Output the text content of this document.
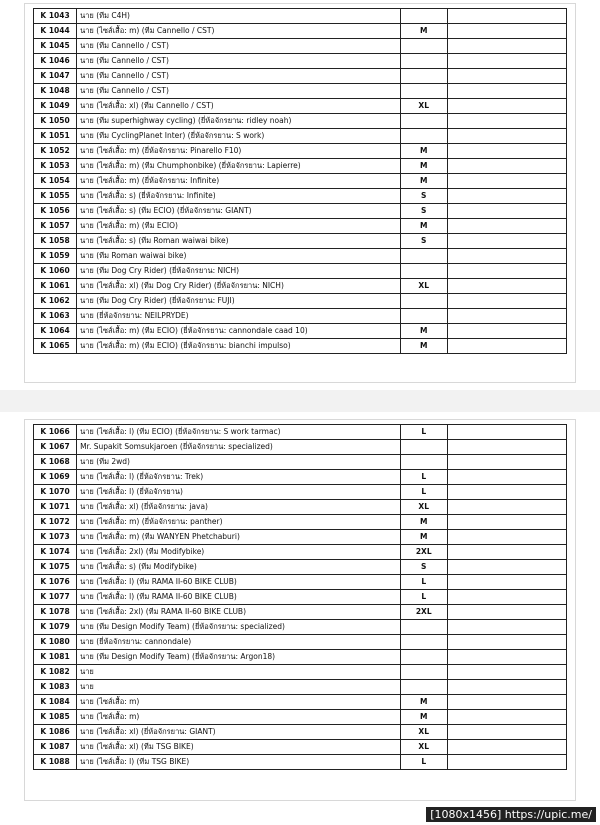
K 1043	นาย (ทีม C4H)		
K 1044	นาย (ไซส์เสื้อ: m) (ทีม Cannello / CST)	M	
K 1045	นาย (ทีม Cannello / CST)		
K 1046	นาย (ทีม Cannello / CST)		
K 1047	นาย (ทีม Cannello / CST)		
K 1048	นาย (ทีม Cannello / CST)		
K 1049	นาย (ไซส์เสื้อ: xl) (ทีม Cannello / CST)	XL	
K 1050	นาย (ทีม superhighway cycling) (ยี่ห้อจักรยาน: ridley noah)		
K 1051	นาย (ทีม CyclingPlanet Inter) (ยี่ห้อจักรยาน: S work)		
K 1052	นาย (ไซส์เสื้อ: m) (ยี่ห้อจักรยาน: Pinarello F10)	M	
K 1053	นาย (ไซส์เสื้อ: m) (ทีม Chumphonbike) (ยี่ห้อจักรยาน: Lapierre)	M	
K 1054	นาย (ไซส์เสื้อ: m) (ยี่ห้อจักรยาน: Infinite)	M	
K 1055	นาย (ไซส์เสื้อ: s) (ยี่ห้อจักรยาน: Infinite)	S	
K 1056	นาย (ไซส์เสื้อ: s) (ทีม ECIO) (ยี่ห้อจักรยาน: GIANT)	S	
K 1057	นาย (ไซส์เสื้อ: m) (ทีม ECIO)	M	
K 1058	นาย (ไซส์เสื้อ: s) (ทีม Roman waiwai bike)	S	
K 1059	นาย (ทีม Roman waiwai bike)		
K 1060	นาย (ทีม Dog Cry Rider) (ยี่ห้อจักรยาน: NICH)		
K 1061	นาย (ไซส์เสื้อ: xl) (ทีม Dog Cry Rider) (ยี่ห้อจักรยาน: NICH)	XL	
K 1062	นาย (ทีม Dog Cry Rider) (ยี่ห้อจักรยาน: FUJI)		
K 1063	นาย (ยี่ห้อจักรยาน: NEILPRYDE)		
K 1064	นาย (ไซส์เสื้อ: m) (ทีม ECIO) (ยี่ห้อจักรยาน: cannondale caad 10)	M	
K 1065	นาย (ไซส์เสื้อ: m) (ทีม ECIO) (ยี่ห้อจักรยาน: bianchi impulso)	M	
K 1066	นาย (ไซส์เสื้อ: l) (ทีม ECIO) (ยี่ห้อจักรยาน: S work tarmac)	L	
K 1067	Mr. Supakit Somsukjaroen (ยี่ห้อจักรยาน: specialized)		
K 1068	นาย (ทีม 2wd)		
K 1069	นาย (ไซส์เสื้อ: l) (ยี่ห้อจักรยาน: Trek)	L	
K 1070	นาย (ไซส์เสื้อ: l) (ยี่ห้อจักรยาน)	L	
K 1071	นาย (ไซส์เสื้อ: xl) (ยี่ห้อจักรยาน: java)	XL	
K 1072	นาย (ไซส์เสื้อ: m) (ยี่ห้อจักรยาน: panther)	M	
K 1073	นาย (ไซส์เสื้อ: m) (ทีม WANYEN Phetchaburi)	M	
K 1074	นาย (ไซส์เสื้อ: 2xl) (ทีม Modifybike)	2XL	
K 1075	นาย (ไซส์เสื้อ: s) (ทีม Modifybike)	S	
K 1076	นาย (ไซส์เสื้อ: l) (ทีม RAMA II-60 BIKE CLUB)	L	
K 1077	นาย (ไซส์เสื้อ: l) (ทีม RAMA II-60 BIKE CLUB)	L	
K 1078	นาย (ไซส์เสื้อ: 2xl) (ทีม RAMA II-60 BIKE CLUB)	2XL	
K 1079	นาย (ทีม Design Modify Team) (ยี่ห้อจักรยาน: specialized)		
K 1080	นาย (ยี่ห้อจักรยาน: cannondale)		
K 1081	นาย (ทีม Design Modify Team) (ยี่ห้อจักรยาน: Argon18)		
K 1082	นาย		
K 1083	นาย		
K 1084	นาย (ไซส์เสื้อ: m)	M	
K 1085	นาย (ไซส์เสื้อ: m)	M	
K 1086	นาย (ไซส์เสื้อ: xl) (ยี่ห้อจักรยาน: GIANT)	XL	
K 1087	นาย (ไซส์เสื้อ: xl) (ทีม TSG BIKE)	XL	
K 1088	นาย (ไซส์เสื้อ: l) (ทีม TSG BIKE)	L	
[1080x1456] https://upic.me/
